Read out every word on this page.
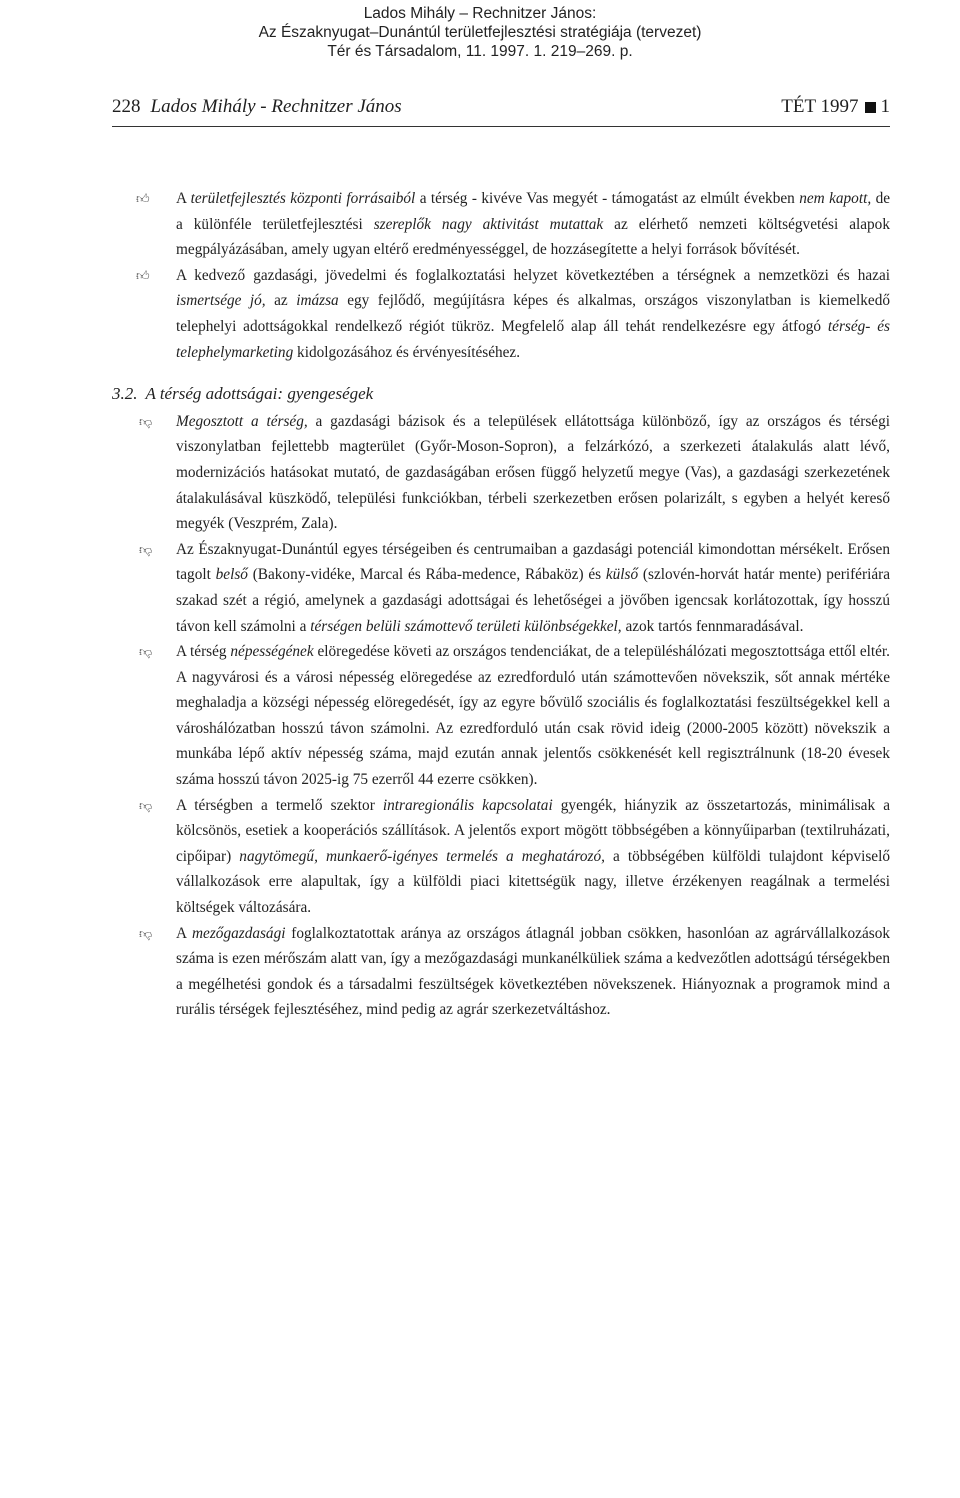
Lados Mihály – Rechnitzer János:
Az Északnyugat–Dunántúl területfejlesztési stratégiája (tervezet)
Tér és Társadalom, 11. 1997. 1. 219–269. p.
228 Lados Mihály - Rechnitzer János	TÉT 1997 1
👍︎ A területfejlesztés központi forrásaiból a térség - kivéve Vas megyét - támogatást az elmúlt években nem kapott, de a különféle területfejlesztési szereplők nagy aktivitást mutattak az elérhető nemzeti költségvetési alapok megpályázásában, amely ugyan eltérő eredményességgel, de hozzásegítette a helyi források bővítését.
👍︎ A kedvező gazdasági, jövedelmi és foglalkoztatási helyzet következtében a térségnek a nemzetközi és hazai ismertsége jó, az imázsa egy fejlődő, megújításra képes és alkalmas, országos viszonylatban is kiemelkedő telephelyi adottságokkal rendelkező régiót tükröz. Megfelelő alap áll tehát rendelkezésre egy átfogó térség- és telephelymarketing kidolgozásához és érvényesítéséhez.
3.2. A térség adottságai: gyengeségek
👎︎ Megosztott a térség, a gazdasági bázisok és a települések ellátottsága különböző, így az országos és térségi viszonylatban fejlettebb magterület (Győr-Moson-Sopron), a felzárkózó, a szerkezeti átalakulás alatt lévő, modernizációs hatásokat mutató, de gazdaságában erősen függő helyzetű megye (Vas), a gazdasági szerkezetének átalakulásával küszködő, települési funkciókban, térbeli szerkezetben erősen polarizált, s egyben a helyét kereső megyék (Veszprém, Zala).
👎︎ Az Északnyugat-Dunántúl egyes térségeiben és centrumaiban a gazdasági potenciál kimondottan mérsékelt. Erősen tagolt belső (Bakony-vidéke, Marcal és Rába-medence, Rábaköz) és külső (szlovén-horvát határ mente) perifériára szakad szét a régió, amelynek a gazdasági adottságai és lehetőségei a jövőben igencsak korlátozottak, így hosszú távon kell számolni a térségen belüli számottevő területi különbségekkel, azok tartós fennmaradásával.
👎︎ A térség népességének elöregedése követi az országos tendenciákat, de a településhálózati megosztottsága ettől eltér. A nagyvárosi és a városi népesség elöregedése az ezredforduló után számottevően növekszik, sőt annak mértéke meghaladja a községi népesség elöregedését, így az egyre bővülő szociális és foglalkoztatási feszültségekkel kell a városhálózatban hosszú távon számolni. Az ezredforduló után csak rövid ideig (2000-2005 között) növekszik a munkába lépő aktív népesség száma, majd ezután annak jelentős csökkenését kell regisztrálnunk (18-20 évesek száma hosszú távon 2025-ig 75 ezerről 44 ezerre csökken).
👎︎ A térségben a termelő szektor intraregionális kapcsolatai gyengék, hiányzik az összetartozás, minimálisak a kölcsönös, esetiek a kooperációs szállítások. A jelentős export mögött többségében a könnyűiparban (textilruházati, cipőipar) nagytömegű, munkaerő-igényes termelés a meghatározó, a többségében külföldi tulajdont képviselő vállalkozások erre alapultak, így a külföldi piaci kitettségük nagy, illetve érzékenyen reagálnak a termelési költségek változására.
👎︎ A mezőgazdasági foglalkoztatottak aránya az országos átlagnál jobban csökken, hasonlóan az agrárvállalkozások száma is ezen mérőszám alatt van, így a mezőgazdasági munkanélküliek száma a kedvezőtlen adottságú térségekben a megélhetési gondok és a társadalmi feszültségek következtében növekszenek. Hiányoznak a programok mind a rurális térségek fejlesztéséhez, mind pedig az agrár szerkezetváltáshoz.
